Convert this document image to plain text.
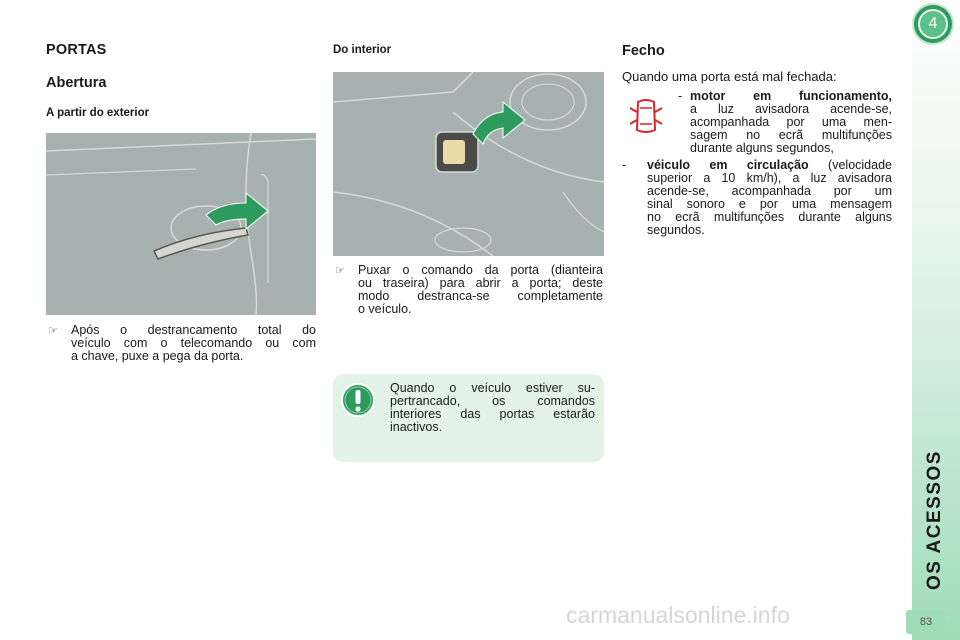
PORTAS
Abertura
A partir do exterior
☞ Após o destrancamento total do
veículo com o telecomando ou com
a chave, puxe a pega da porta.
Do interior
☞ Puxar o comando da porta (dianteira
ou traseira) para abrir a porta; deste
modo destranca-se completamente
o veículo.
Quando o veículo estiver su-
pertrancado, os comandos
interiores das portas estarão
inactivos.
Fecho
Quando uma porta está mal fechada:
- motor em funcionamento,
a luz avisadora acende-se,
acompanhada por uma men-
sagem no ecrã multifunções
durante alguns segundos,
- véiculo em circulação (velocidade
superior a 10 km/h), a luz avisadora
acende-se, acompanhada por um
sinal sonoro e por uma mensagem
no ecrã multifunções durante alguns
segundos.
4
OS ACESSOS
83
carmanualsonline.info
